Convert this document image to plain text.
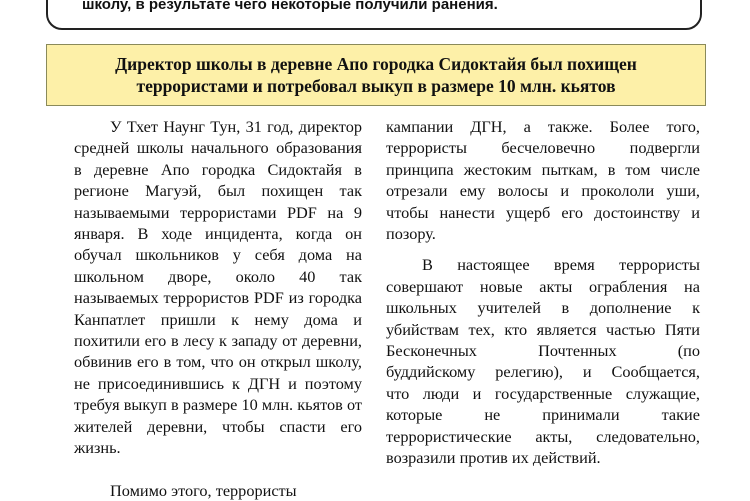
школу, в результате чего некоторые получили ранения.
Директор школы в деревне Апо городка Сидоктайя был похищен
террористами и потребовал выкуп в размере 10 млн. кьятов
У Тхет Наунг Тун, 31 год, директор
средней школы начального образования
в деревне Апо городка Сидоктайя в
регионе Магуэй, был похищен так
называемыми террористами PDF на 9
января. В ходе инцидента, когда он
обучал школьников у себя дома на
школьном дворе, около 40 так
называемых террористов PDF из городка
Канпатлет пришли к нему дома и
похитили его в лесу к западу от деревни,
обвинив его в том, что он открыл школу,
не присоединившись к ДГН и поэтому
требуя выкуп в размере 10 млн. кьятов от
жителей деревни, чтобы спасти его
жизнь.
Помимо этого, террористы
кампании ДГН, а также. Более того,
террористы бесчеловечно подвергли
принципа жестоким пыткам, в том числе
отрезали ему волосы и прокололи уши,
чтобы нанести ущерб его достоинству и
позору.
В настоящее время террористы
совершают новые акты ограбления на
школьных учителей в дополнение к
убийствам тех, кто является частью Пяти
Бесконечных Почтенных (по
буддийскому релегию), и Сообщается,
что люди и государственные служащие,
которые не принимали такие
террористические акты, следовательно,
возразили против их действий.
